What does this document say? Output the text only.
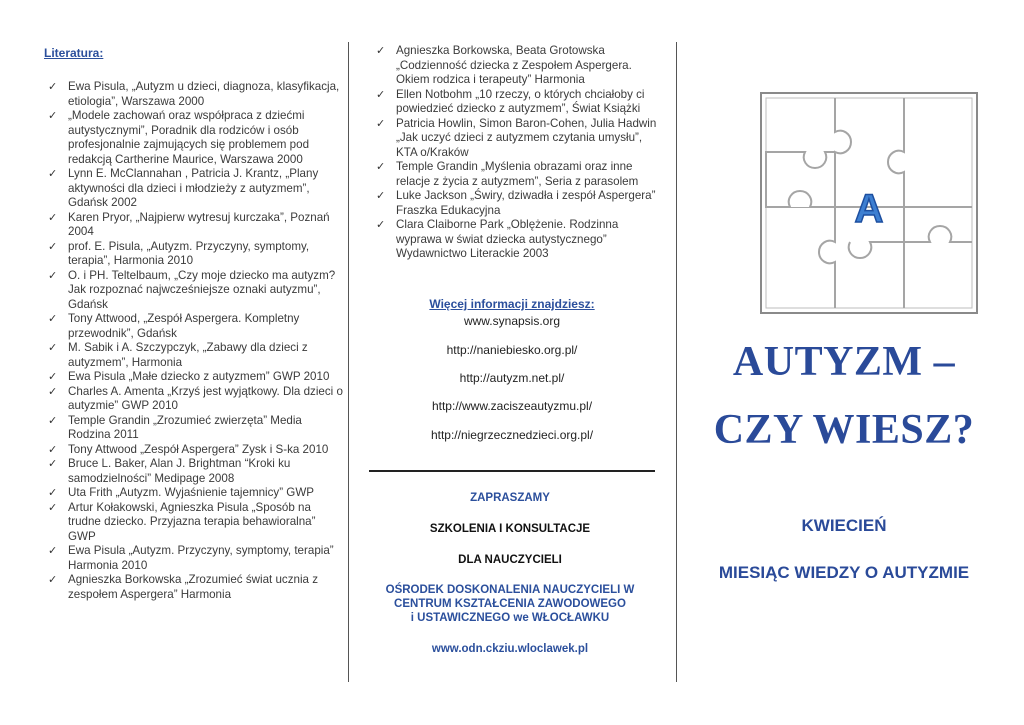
Literatura:
✓ Ewa Pisula, „Autyzm u dzieci, diagnoza, klasyfikacja, etiologia”, Warszawa 2000
✓ „Modele zachowań oraz współpraca z dziećmi autystycznymi”, Poradnik dla rodziców i osób profesjonalnie zajmujących się problemem pod redakcją Cartherine Maurice, Warszawa 2000
✓ Lynn E. McClannahan , Patricia J. Krantz, „Plany aktywności dla dzieci i młodzieży z autyzmem”, Gdańsk 2002
✓ Karen Pryor, „Najpierw wytresuj kurczaka”, Poznań 2004
✓ prof. E. Pisula, „Autyzm. Przyczyny, symptomy, terapia”, Harmonia 2010
✓ O. i PH. Teltelbaum, „Czy moje dziecko ma autyzm? Jak rozpoznać najwcześniejsze oznaki autyzmu”, Gdańsk
✓ Tony Attwood, „Zespół Aspergera. Kompletny przewodnik”, Gdańsk
✓ M. Sabik i A. Szczypczyk, „Zabawy dla dzieci z autyzmem”, Harmonia
✓ Ewa Pisula „Małe dziecko z autyzmem” GWP 2010
✓ Charles A. Amenta „Krzyś jest wyjątkowy. Dla dzieci o autyzmie” GWP 2010
✓ Temple Grandin „Zrozumieć zwierzęta” Media Rodzina 2011
✓ Tony Attwood „Zespół Aspergera” Zysk i S-ka 2010
✓ Bruce L. Baker, Alan J. Brightman “Kroki ku samodzielności” Medipage 2008
✓ Uta Frith „Autyzm. Wyjaśnienie tajemnicy” GWP
✓ Artur Kołakowski, Agnieszka Pisula „Sposób na trudne dziecko. Przyjazna terapia behawioralna” GWP
✓ Ewa Pisula „Autyzm. Przyczyny, symptomy, terapia” Harmonia 2010
✓ Agnieszka Borkowska „Zrozumieć świat ucznia z zespołem Aspergera” Harmonia
✓ Agnieszka Borkowska, Beata Grotowska „Codzienność dziecka z Zespołem Aspergera. Okiem rodzica i terapeuty” Harmonia
✓ Ellen Notbohm „10 rzeczy, o których chciałoby ci powiedzieć dziecko z autyzmem”, Świat Książki
✓ Patricia Howlin, Simon Baron-Cohen, Julia Hadwin „Jak uczyć dzieci z autyzmem czytania umysłu”, KTA o/Kraków
✓ Temple Grandin „Myślenia obrazami oraz inne relacje z życia z autyzmem”, Seria z parasolem
✓ Luke Jackson „Świry, dziwadła i zespół Aspergera” Fraszka Edukacyjna
✓ Clara Claiborne Park „Oblężenie. Rodzinna wyprawa w świat dziecka autystycznego” Wydawnictwo Literackie 2003
Więcej informacji znajdziesz:
www.synapsis.org
http://naniebiesko.org.pl/
http://autyzm.net.pl/
http://www.zaciszeautyzmu.pl/
http://niegrzecznedzieci.org.pl/
ZAPRASZAMY
SZKOLENIA I KONSULTACJE
DLA NAUCZYCIELI
OŚRODEK DOSKONALENIA NAUCZYCIELI W
CENTRUM KSZTAŁCENIA ZAWODOWEGO
i USTAWICZNEGO we WŁOCŁAWKU
www.odn.ckziu.wloclawek.pl
A
AUTYZM –
CZY WIESZ?
KWIECIEŃ
MIESIĄC WIEDZY O AUTYZMIE
